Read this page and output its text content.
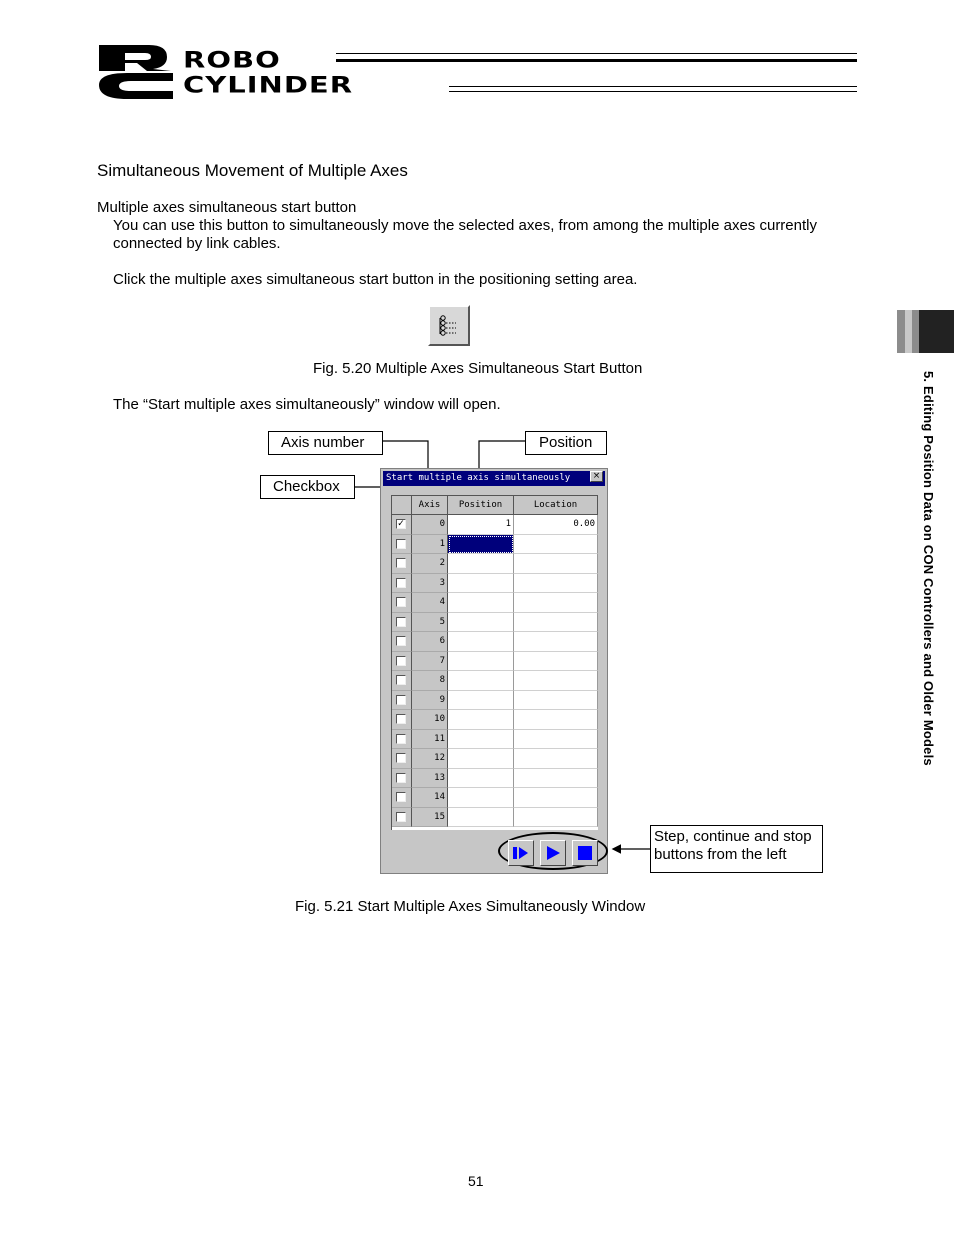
ROBO
CYLINDER
5. Editing Position Data on CON Controllers and Older Models
Simultaneous Movement of Multiple Axes
Multiple axes simultaneous start button
You can use this button to simultaneously move the selected axes, from among the multiple axes currently
connected by link cables.
Click the multiple axes simultaneous start button in the positioning setting area.
Fig. 5.20 Multiple Axes Simultaneous Start Button
The “Start multiple axes simultaneously” window will open.
Axis number	Position
Checkbox
Step, continue and stop
buttons from the left
Start multiple axis simultaneously	×
Axis	Position	Location
✓	0	1	0.00
1
2
3
4
5
6
7
8
9
10
11
12
13
14
15
Fig. 5.21 Start Multiple Axes Simultaneously Window
51
